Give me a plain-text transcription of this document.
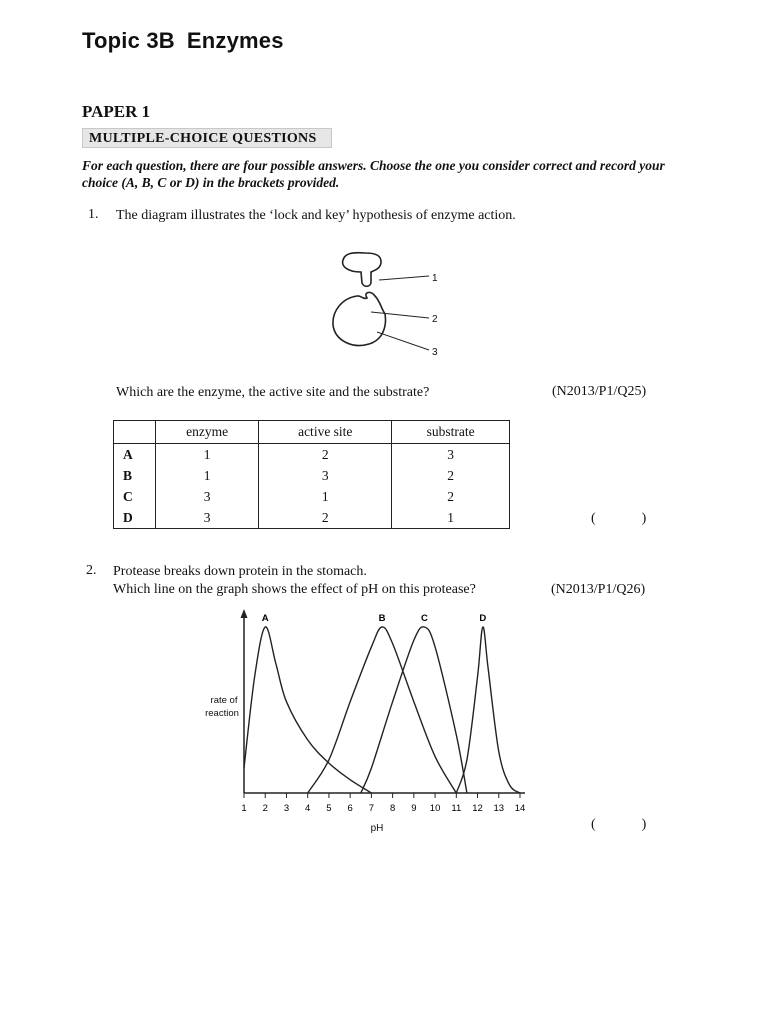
Topic 3B Enzymes
PAPER 1
MULTIPLE-CHOICE QUESTIONS
For each question, there are four possible answers. Choose the one you consider correct and record your choice (A, B, C or D) in the brackets provided.
1. The diagram illustrates the ‘lock and key’ hypothesis of enzyme action.
1
2
3
Which are the enzyme, the active site and the substrate?	(N2013/P1/Q25)
	enzyme	active site	substrate
A	1	2	3
B	1	3	2
C	3	1	2
D	3	2	1	(	)
2. Protease breaks down protein in the stomach.
Which line on the graph shows the effect of pH on this protease?	(N2013/P1/Q26)
1 2 3 4 5 6 7 8 9 10 11 12 13 14
A	B	C	D
rate of
reaction
pH	(	)
